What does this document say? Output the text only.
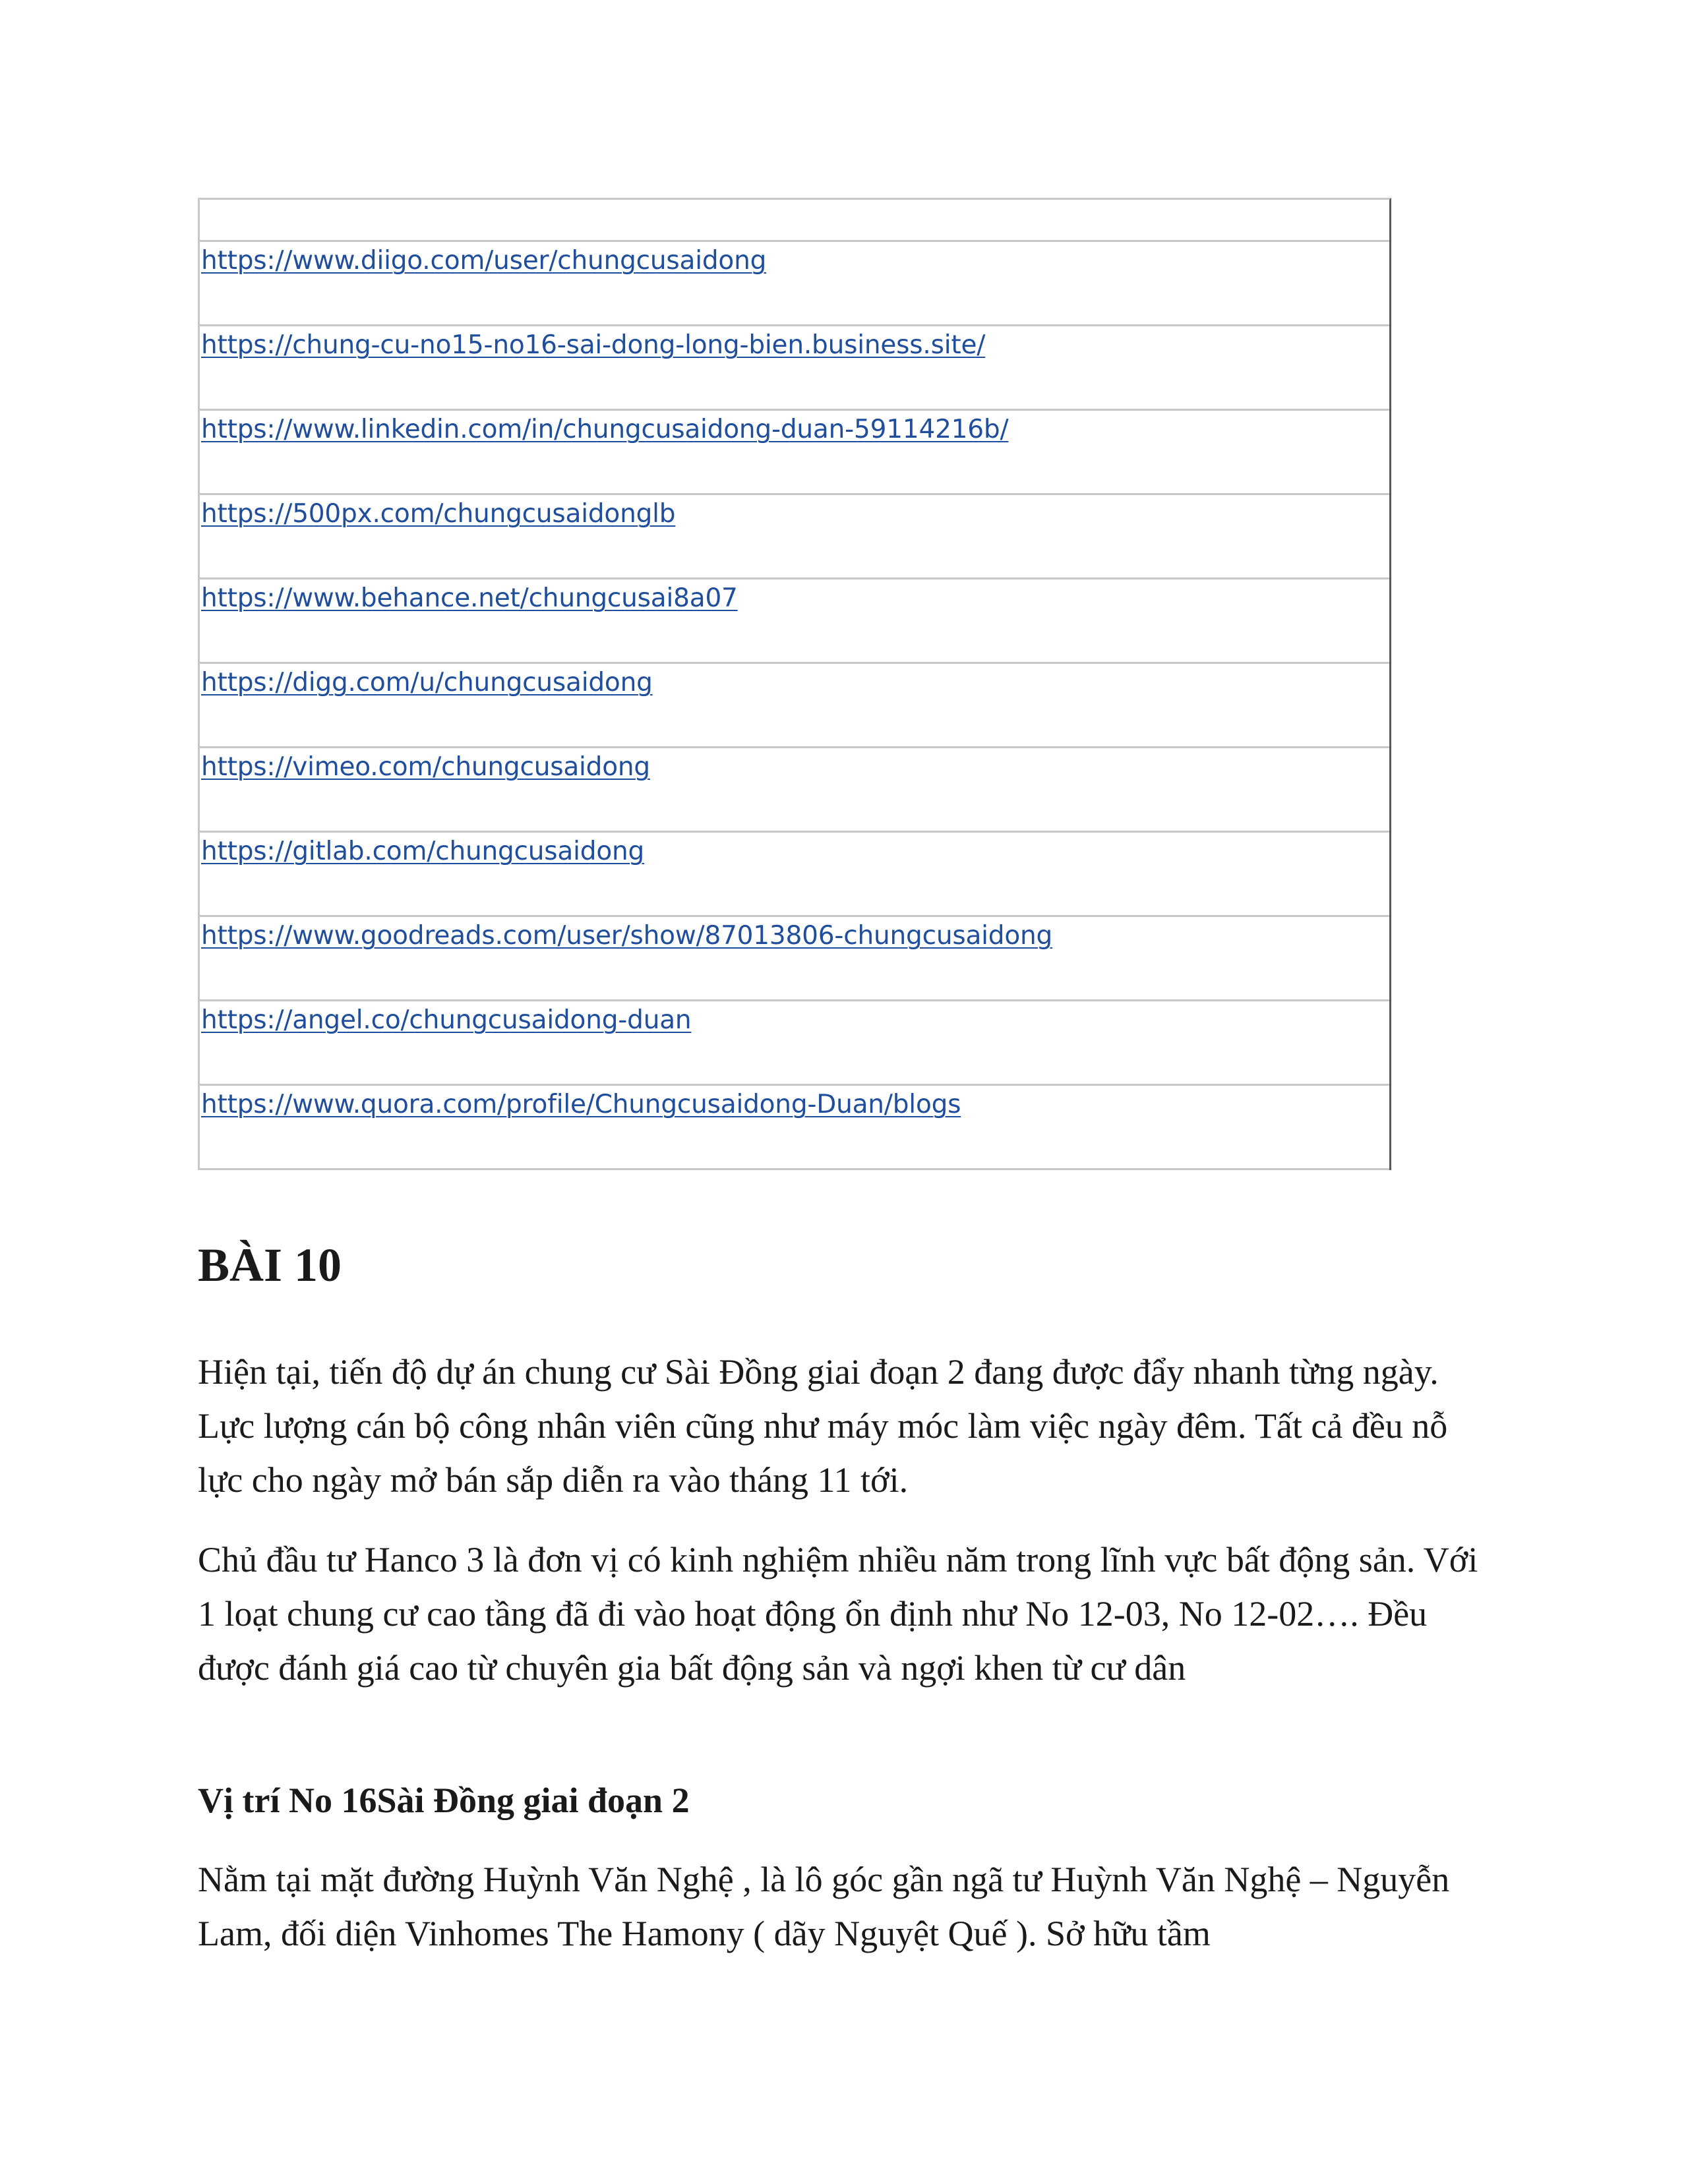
https://www.diigo.com/user/chungcusaidong
https://chung-cu-no15-no16-sai-dong-long-bien.business.site/
https://www.linkedin.com/in/chungcusaidong-duan-59114216b/
https://500px.com/chungcusaidonglb
https://www.behance.net/chungcusai8a07
https://digg.com/u/chungcusaidong
https://vimeo.com/chungcusaidong
https://gitlab.com/chungcusaidong
https://www.goodreads.com/user/show/87013806-chungcusaidong
https://angel.co/chungcusaidong-duan
https://www.quora.com/profile/Chungcusaidong-Duan/blogs
BÀI 10

Hiện tại, tiến độ dự án chung cư Sài Đồng giai đoạn 2 đang được đẩy nhanh từng ngày. Lực lượng cán bộ công nhân viên cũng như máy móc làm việc ngày đêm. Tất cả đều nỗ lực cho ngày mở bán sắp diễn ra vào tháng 11 tới.

Chủ đầu tư Hanco 3 là đơn vị có kinh nghiệm nhiều năm trong lĩnh vực bất động sản. Với 1 loạt chung cư cao tầng đã đi vào hoạt động ổn định như No 12-03, No 12-02…. Đều được đánh giá cao từ chuyên gia bất động sản và ngợi khen từ cư dân

Vị trí No 16Sài Đồng giai đoạn 2

Nằm tại mặt đường Huỳnh Văn Nghệ , là lô góc gần ngã tư Huỳnh Văn Nghệ – Nguyễn Lam, đối diện Vinhomes The Hamony ( dãy Nguyệt Quế ). Sở hữu tầm
